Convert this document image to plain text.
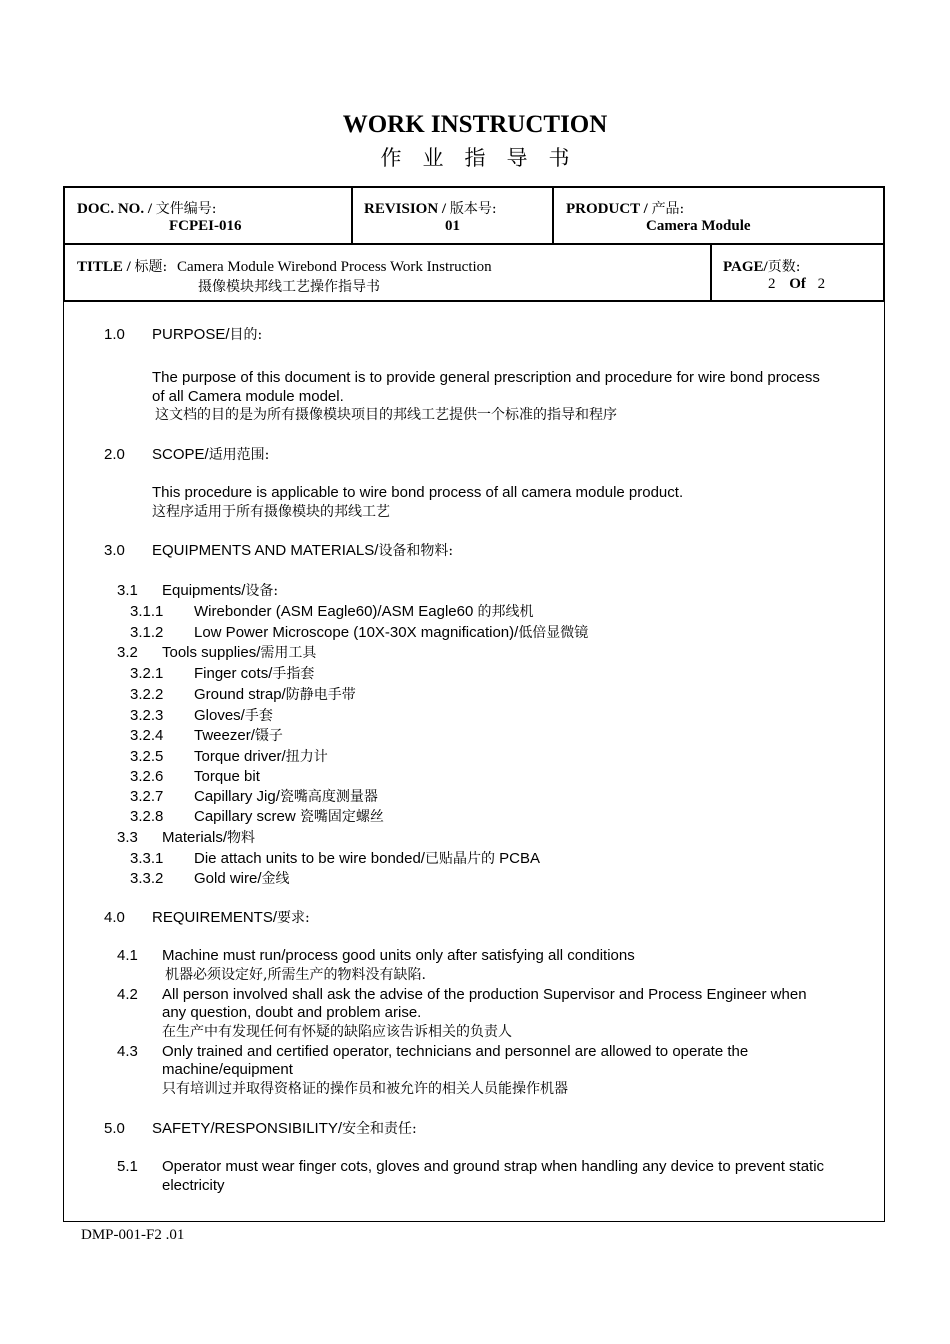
WORK INSTRUCTION
作　业　指　导　书
DOC. NO. / 文件编号:
FCPEI-016
REVISION / 版本号:
01
PRODUCT / 产品:
Camera Module
TITLE / 标题: Camera Module Wirebond Process Work Instruction
摄像模块邦线工艺操作指导书
PAGE/页数:
2 Of 2
1.0 PURPOSE/目的:
The purpose of this document is to provide general prescription and procedure for wire bond process
of all Camera module model.
这文档的目的是为所有摄像模块项目的邦线工艺提供一个标准的指导和程序
2.0 SCOPE/适用范围:
This procedure is applicable to wire bond process of all camera module product.
这程序适用于所有摄像模块的邦线工艺
3.0 EQUIPMENTS AND MATERIALS/设备和物料:
3.1 Equipments/设备:
3.1.1 Wirebonder (ASM Eagle60)/ASM Eagle60 的邦线机
3.1.2 Low Power Microscope (10X-30X magnification)/低倍显微镜
3.2 Tools supplies/需用工具
3.2.1 Finger cots/手指套
3.2.2 Ground strap/防静电手带
3.2.3 Gloves/手套
3.2.4 Tweezer/镊子
3.2.5 Torque driver/扭力计
3.2.6 Torque bit
3.2.7 Capillary Jig/瓷嘴高度测量器
3.2.8 Capillary screw 瓷嘴固定螺丝
3.3 Materials/物料
3.3.1 Die attach units to be wire bonded/已贴晶片的 PCBA
3.3.2 Gold wire/金线
4.0 REQUIREMENTS/要求:
4.1 Machine must run/process good units only after satisfying all conditions
机器必须设定好,所需生产的物料没有缺陷.
4.2 All person involved shall ask the advise of the production Supervisor and Process Engineer when
any question, doubt and problem arise.
在生产中有发现任何有怀疑的缺陷应该告诉相关的负责人
4.3 Only trained and certified operator, technicians and personnel are allowed to operate the
machine/equipment
只有培训过并取得资格证的操作员和被允许的相关人员能操作机器
5.0 SAFETY/RESPONSIBILITY/安全和责任:
5.1 Operator must wear finger cots, gloves and ground strap when handling any device to prevent static
electricity
DMP-001-F2 .01
